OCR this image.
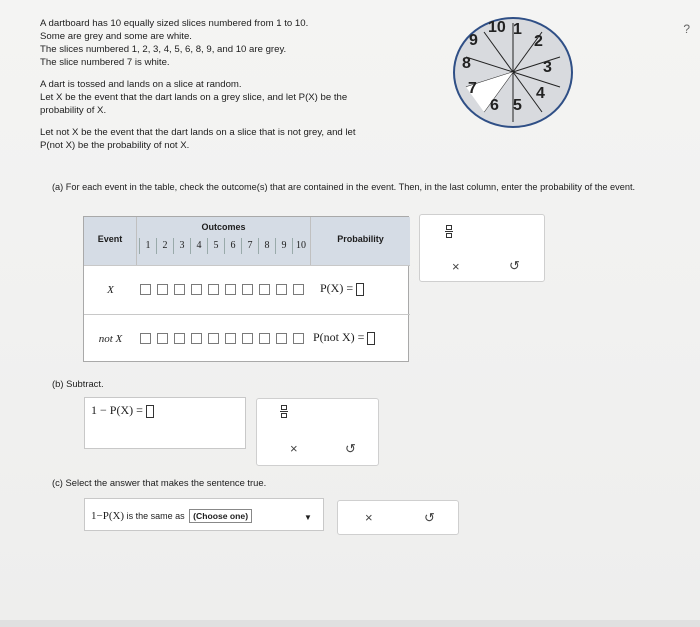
?

A dartboard has 10 equally sized slices numbered from 1 to 10.

Some are grey and some are white.

The slices numbered 1, 2, 3, 4, 5, 6, 8, 9, and 10 are grey.

The slice numbered 7 is white.

A dart is tossed and lands on a slice at random.

Let X be the event that the dart lands on a grey slice, and let P(X) be the

probability of X.

Let not X be the event that the dart lands on a slice that is not grey, and let

P(not X) be the probability of not X.

10 1
2
3
4
5
6
7
8
9
(a) For each event in the table, check the outcome(s) that are contained in the event. Then, in the last column, enter the probability of the event.
Event
Outcomes
1	2	3	4	5	6	7	8	9 10
Probability
X	P(X) =
not X	P(not X) =
×	↺
(b) Subtract.
1 − P(X) =
×	↺
(c) Select the answer that makes the sentence true.
1−P(X) is the same as (Choose one)	▼	×	↺
